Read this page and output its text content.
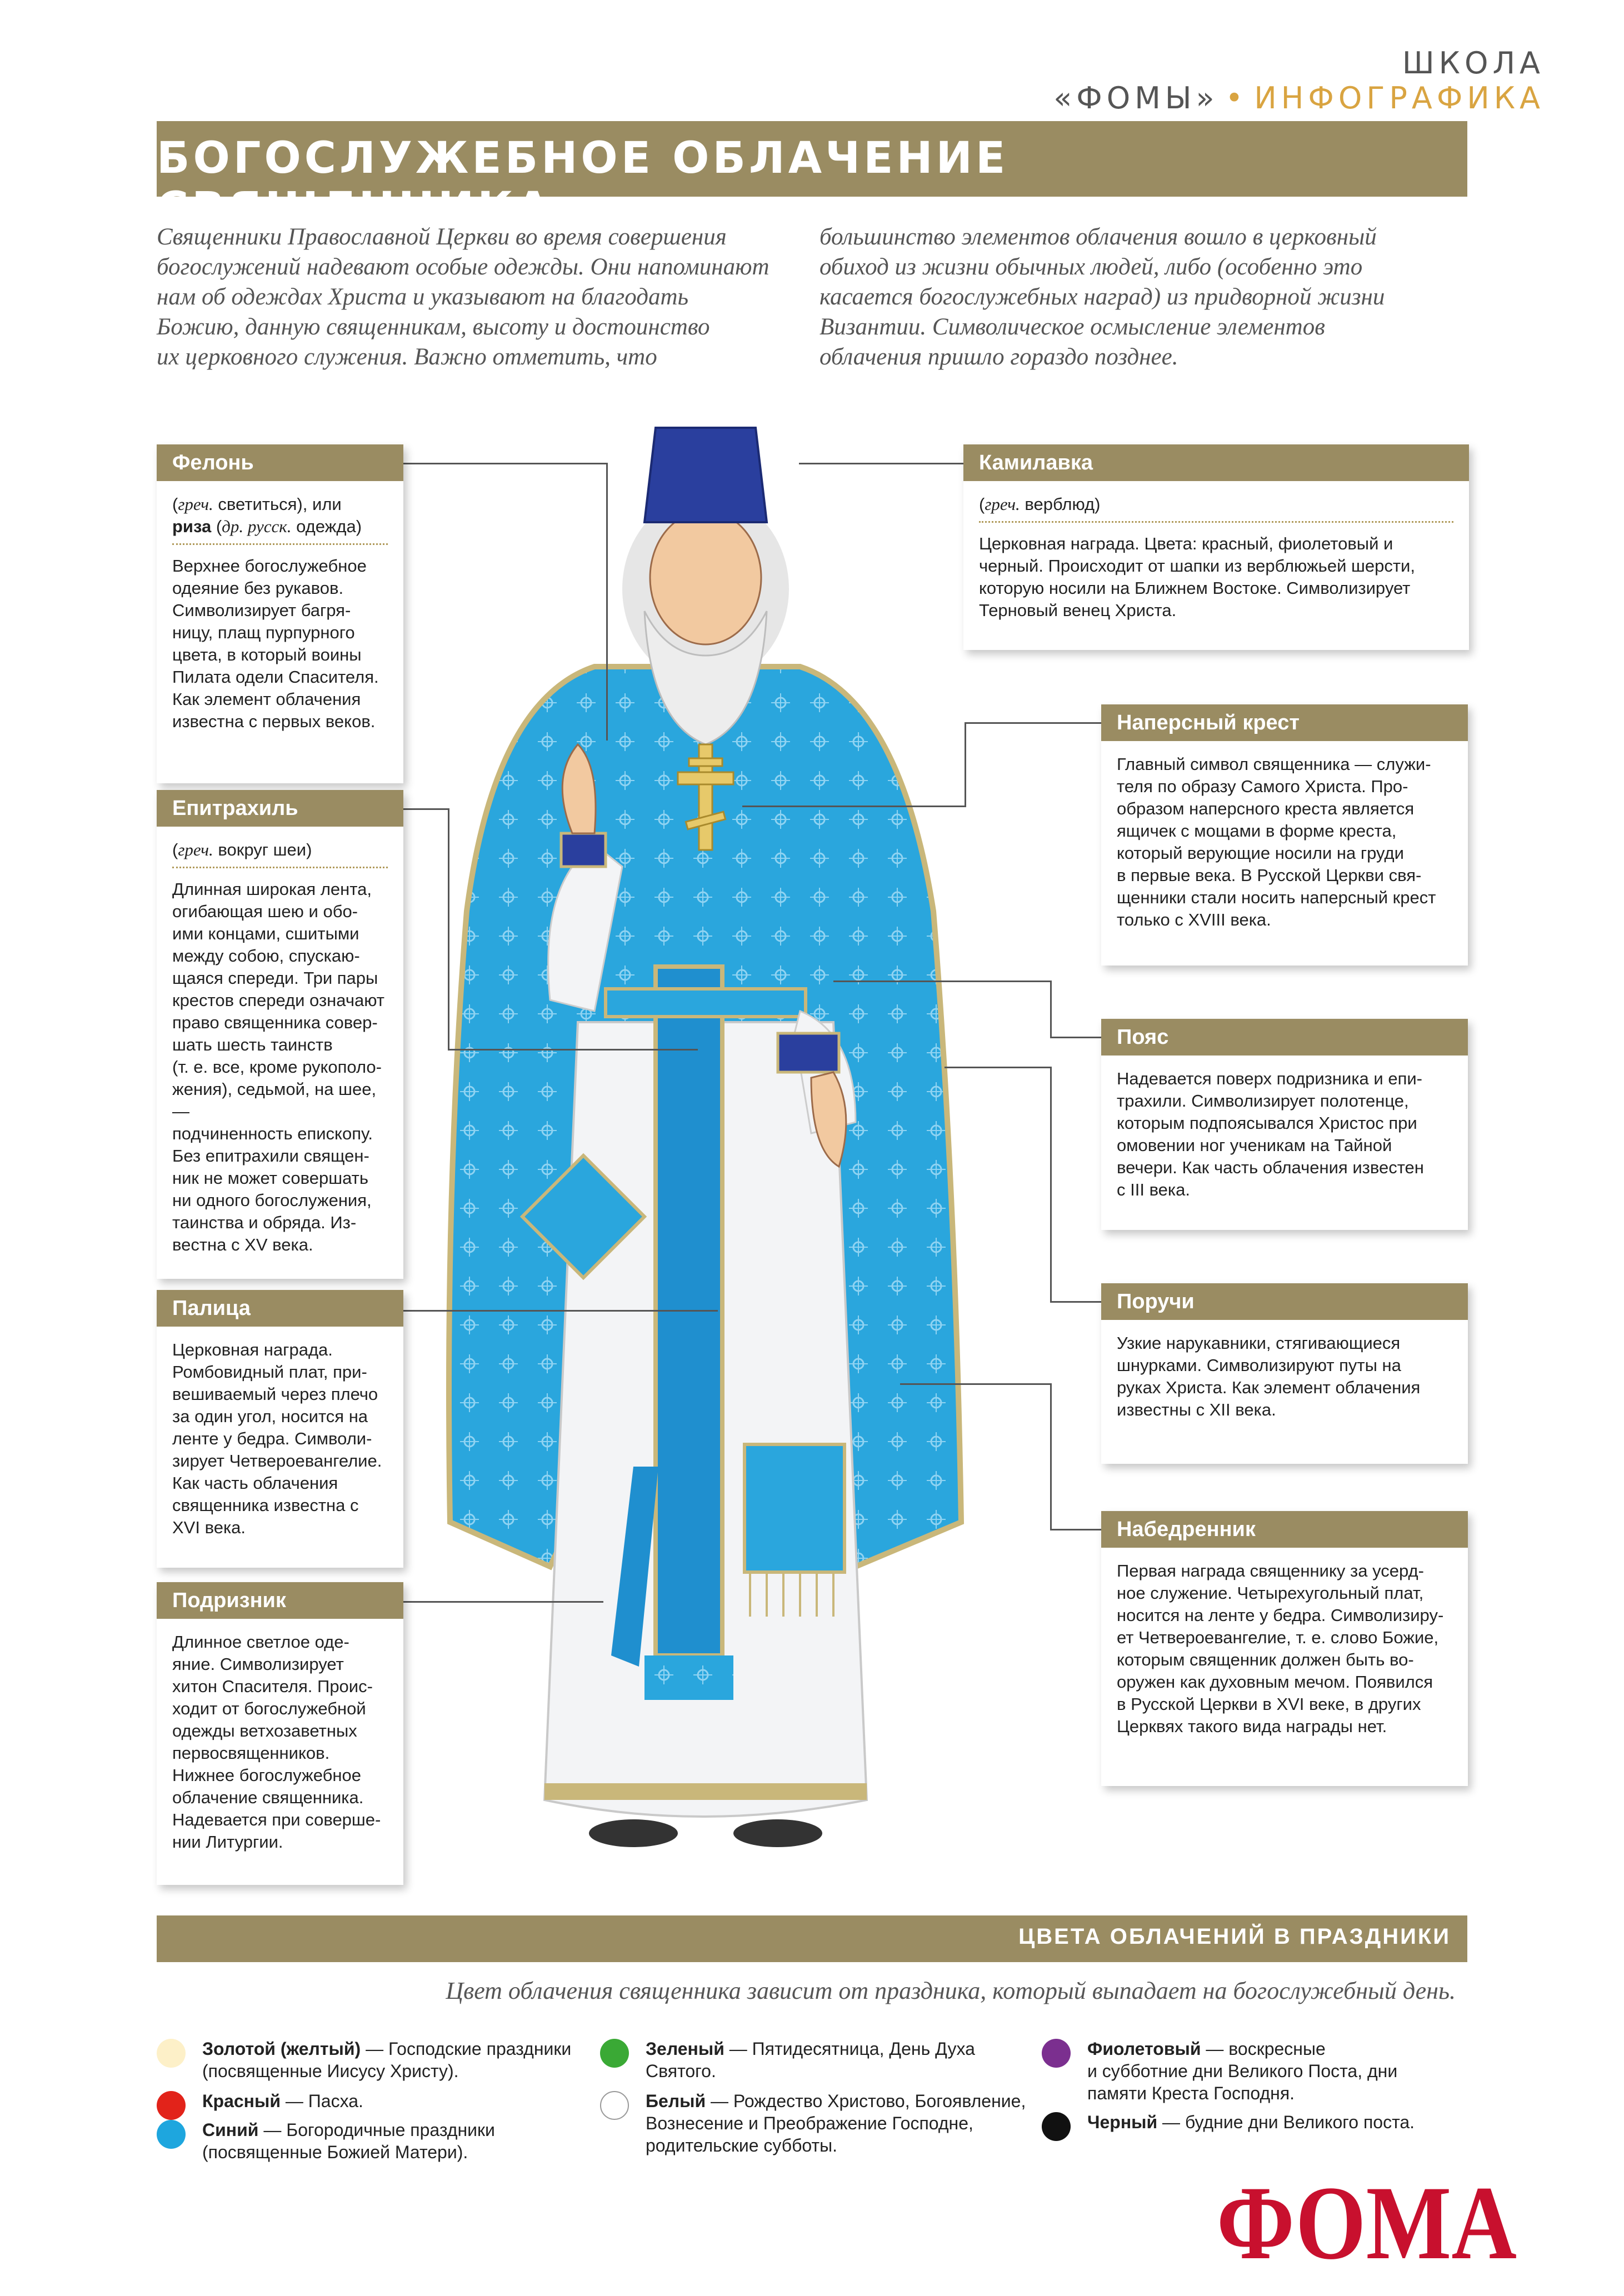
ШКОЛА «ФОМЫ» • ИНФОГРАФИКА
БОГОСЛУЖЕБНОЕ ОБЛАЧЕНИЕ СВЯЩЕННИКА

Священники Православной Церкви во время совершения

богослужений надевают особые одежды. Они напоминают

нам об одеждах Христа и указывают на благодать

Божию, данную священникам, высоту и достоинство

их церковного служения. Важно отметить, что

большинство элементов облачения вошло в церковный

обиход из жизни обычных людей, либо (особенно это

касается богослужебных наград) из придворной жизни

Византии. Символическое осмысление элементов

облачения пришло гораздо позднее.

Фелонь
(греч. светиться), или
риза (др. русск. одежда)
Верхнее богослужебное
одеяние без рукавов.
Символизирует багря-
ницу, плащ пурпурного
цвета, в который воины
Пилата одели Спасителя.
Как элемент облачения
известна с первых веков.
Епитрахиль
(греч. вокруг шеи)
Длинная широкая лента,
огибающая шею и обо-
ими концами, сшитыми
между собою, спускаю-
щаяся спереди. Три пары
крестов спереди означают
право священника совер-
шать шесть таинств
(т. е. все, кроме рукополо-
жения), седьмой, на шее, —
подчиненность епископу.
Без епитрахили священ-
ник не может совершать
ни одного богослужения,
таинства и обряда. Из-
вестна с XV века.
Палица
Церковная награда.
Ромбовидный плат, при-
вешиваемый через плечо
за один угол, носится на
ленте у бедра. Символи-
зирует Четвероевангелие.
Как часть облачения
священника известна с
XVI века.
Подризник
Длинное светлое оде-
яние. Символизирует
хитон Спасителя. Проис-
ходит от богослужебной
одежды ветхозаветных
первосвященников.
Нижнее богослужебное
облачение священника.
Надевается при соверше-
нии Литургии.
Камилавка
(греч. верблюд)
Церковная награда. Цвета: красный, фиолетовый и
черный. Происходит от шапки из верблюжьей шерсти,
которую носили на Ближнем Востоке. Символизирует
Терновый венец Христа.
Наперсный крест
Главный символ священника — служи-
теля по образу Самого Христа. Про-
образом наперсного креста является
ящичек с мощами в форме креста,
который верующие носили на груди
в первые века. В Русской Церкви свя-
щенники стали носить наперсный крест
только с XVIII века.
Пояс
Надевается поверх подризника и епи-
трахили. Символизирует полотенце,
которым подпоясывался Христос при
омовении ног ученикам на Тайной
вечери. Как часть облачения известен
с III века.
Поручи
Узкие нарукавники, стягивающиеся
шнурками. Символизируют путы на
руках Христа. Как элемент облачения
известны с XII века.
Набедренник
Первая награда священнику за усерд-
ное служение. Четырехугольный плат,
носится на ленте у бедра. Символизиру-
ет Четвероевангелие, т. е. слово Божие,
которым священник должен быть во-
оружен как духовным мечом. Появился
в Русской Церкви в XVI веке, в других
Церквях такого вида награды нет.
ЦВЕТА ОБЛАЧЕНИЙ В ПРАЗДНИКИ
Цвет облачения священника зависит от праздника, который выпадает на богослужебный день.
Золотой (желтый) — Господские праздники
(посвященные Иисусу Христу).
Красный — Пасха.
Синий — Богородичные праздники
(посвященные Божией Матери).
Зеленый — Пятидесятница, День Духа
Святого.
Белый — Рождество Христово, Богоявление,
Вознесение и Преображение Господне,
родительские субботы.
Фиолетовый — воскресные
и субботние дни Великого Поста, дни
памяти Креста Господня.
Черный — будние дни Великого поста.
ФОМА
